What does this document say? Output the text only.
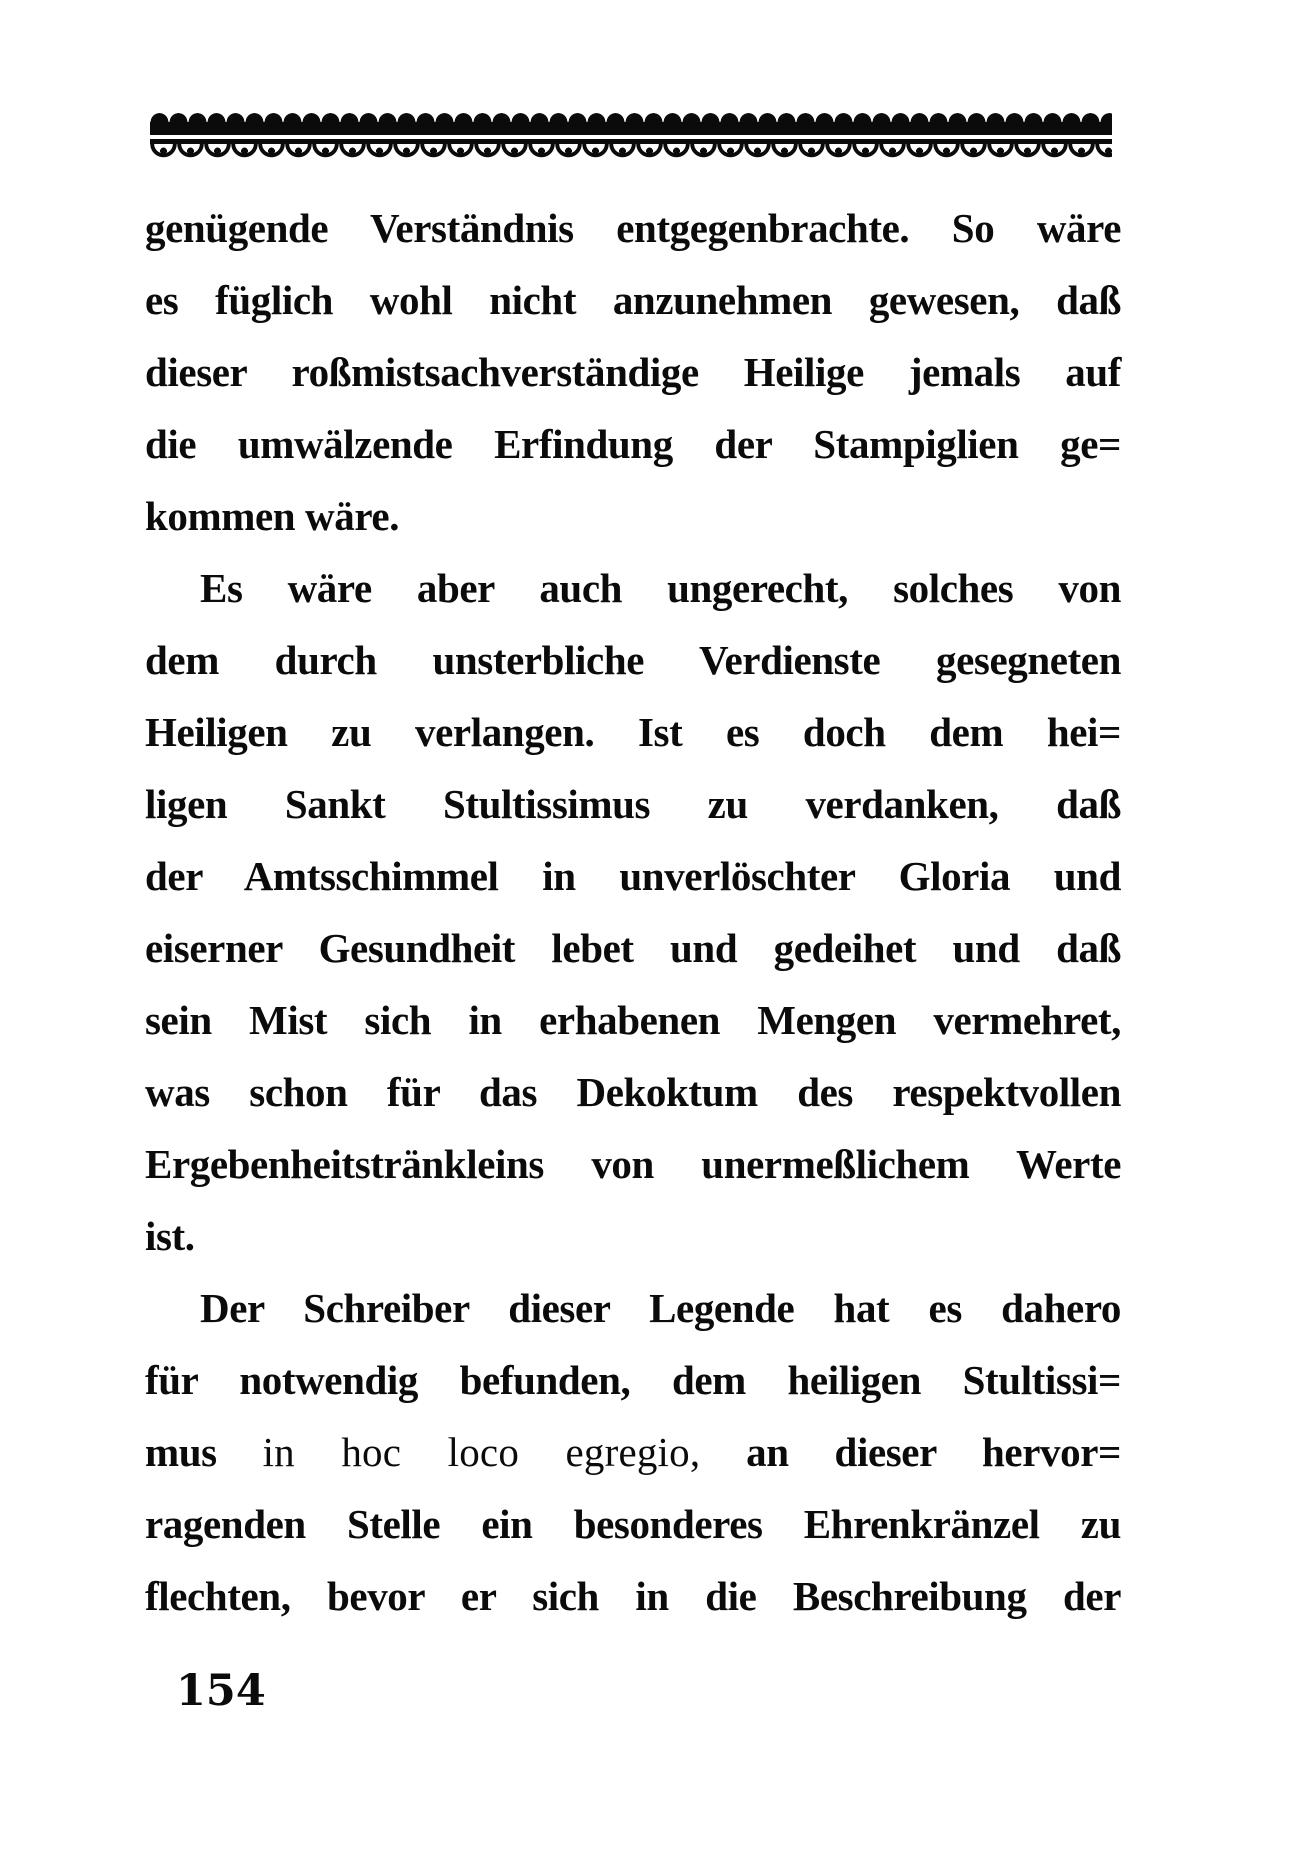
genügende Verständnis entgegenbrachte. So wäre
es füglich wohl nicht anzunehmen gewesen, daß
dieser roßmistsachverständige Heilige jemals auf
die umwälzende Erfindung der Stampiglien ge=
kommen wäre.
Es wäre aber auch ungerecht, solches von
dem durch unsterbliche Verdienste gesegneten
Heiligen zu verlangen. Ist es doch dem hei=
ligen Sankt Stultissimus zu verdanken, daß
der Amtsschimmel in unverlöschter Gloria und
eiserner Gesundheit lebet und gedeihet und daß
sein Mist sich in erhabenen Mengen vermehret,
was schon für das Dekoktum des respektvollen
Ergebenheitstränkleins von unermeßlichem Werte
ist.
Der Schreiber dieser Legende hat es dahero
für notwendig befunden, dem heiligen Stultissi=
mus in hoc loco egregio, an dieser hervor=
ragenden Stelle ein besonderes Ehrenkränzel zu
flechten, bevor er sich in die Beschreibung der
154
